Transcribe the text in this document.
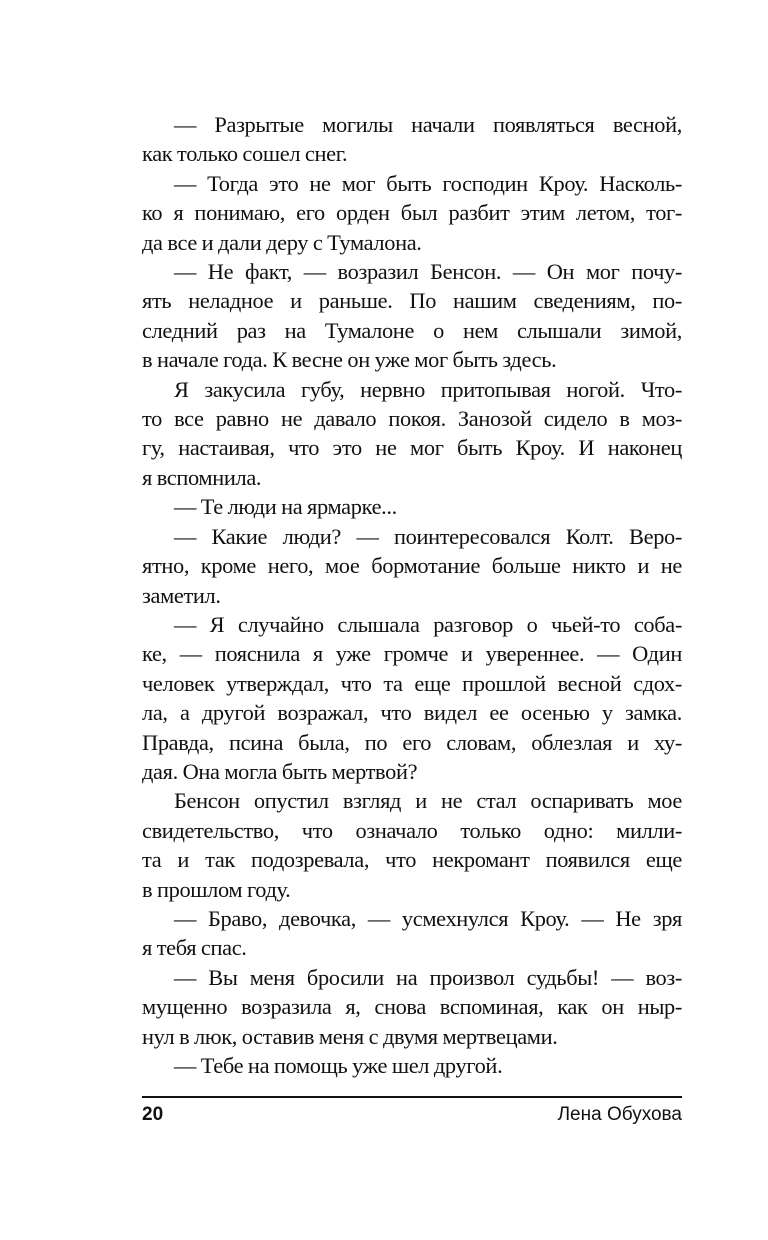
— Разрытые могилы начали появляться весной,
как только сошел снег.

— Тогда это не мог быть господин Кроу. Насколь-
ко я понимаю, его орден был разбит этим летом, тог-
да все и дали деру с Тумалона.

— Не факт, — возразил Бенсон. — Он мог почу-
ять неладное и раньше. По нашим сведениям, по-
следний раз на Тумалоне о нем слышали зимой,
в начале года. К весне он уже мог быть здесь.

Я закусила губу, нервно притопывая ногой. Что-
то все равно не давало покоя. Занозой сидело в моз-
гу, настаивая, что это не мог быть Кроу. И наконец
я вспомнила.

— Те люди на ярмарке...

— Какие люди? — поинтересовался Колт. Веро-
ятно, кроме него, мое бормотание больше никто и не
заметил.

— Я случайно слышала разговор о чьей-то соба-
ке, — пояснила я уже громче и увереннее. — Один
человек утверждал, что та еще прошлой весной сдох-
ла, а другой возражал, что видел ее осенью у замка.
Правда, псина была, по его словам, облезлая и ху-
дая. Она могла быть мертвой?

Бенсон опустил взгляд и не стал оспаривать мое
свидетельство, что означало только одно: милли-
та и так подозревала, что некромант появился еще
в прошлом году.

— Браво, девочка, — усмехнулся Кроу. — Не зря
я тебя спас.

— Вы меня бросили на произвол судьбы! — воз-
мущенно возразила я, снова вспоминая, как он ныр-
нул в люк, оставив меня с двумя мертвецами.

— Тебе на помощь уже шел другой.

20	Лена Обухова
